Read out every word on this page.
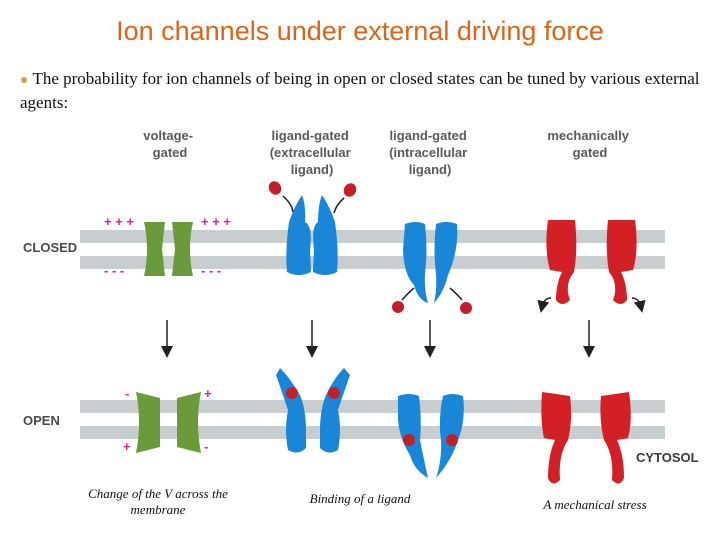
Ion channels under external driving force
● The probability for ion channels of being in open or closed states can be tuned by various external agents:
voltage- gated
ligand-gated (extracellular ligand)
ligand-gated (intracellular ligand)
mechanically gated
CLOSED
OPEN
CYTOSOL
+ + +	+ + +
- - -	- - -
-	+
+	-
Change of the V across the membrane
Binding of a ligand	A mechanical stress
